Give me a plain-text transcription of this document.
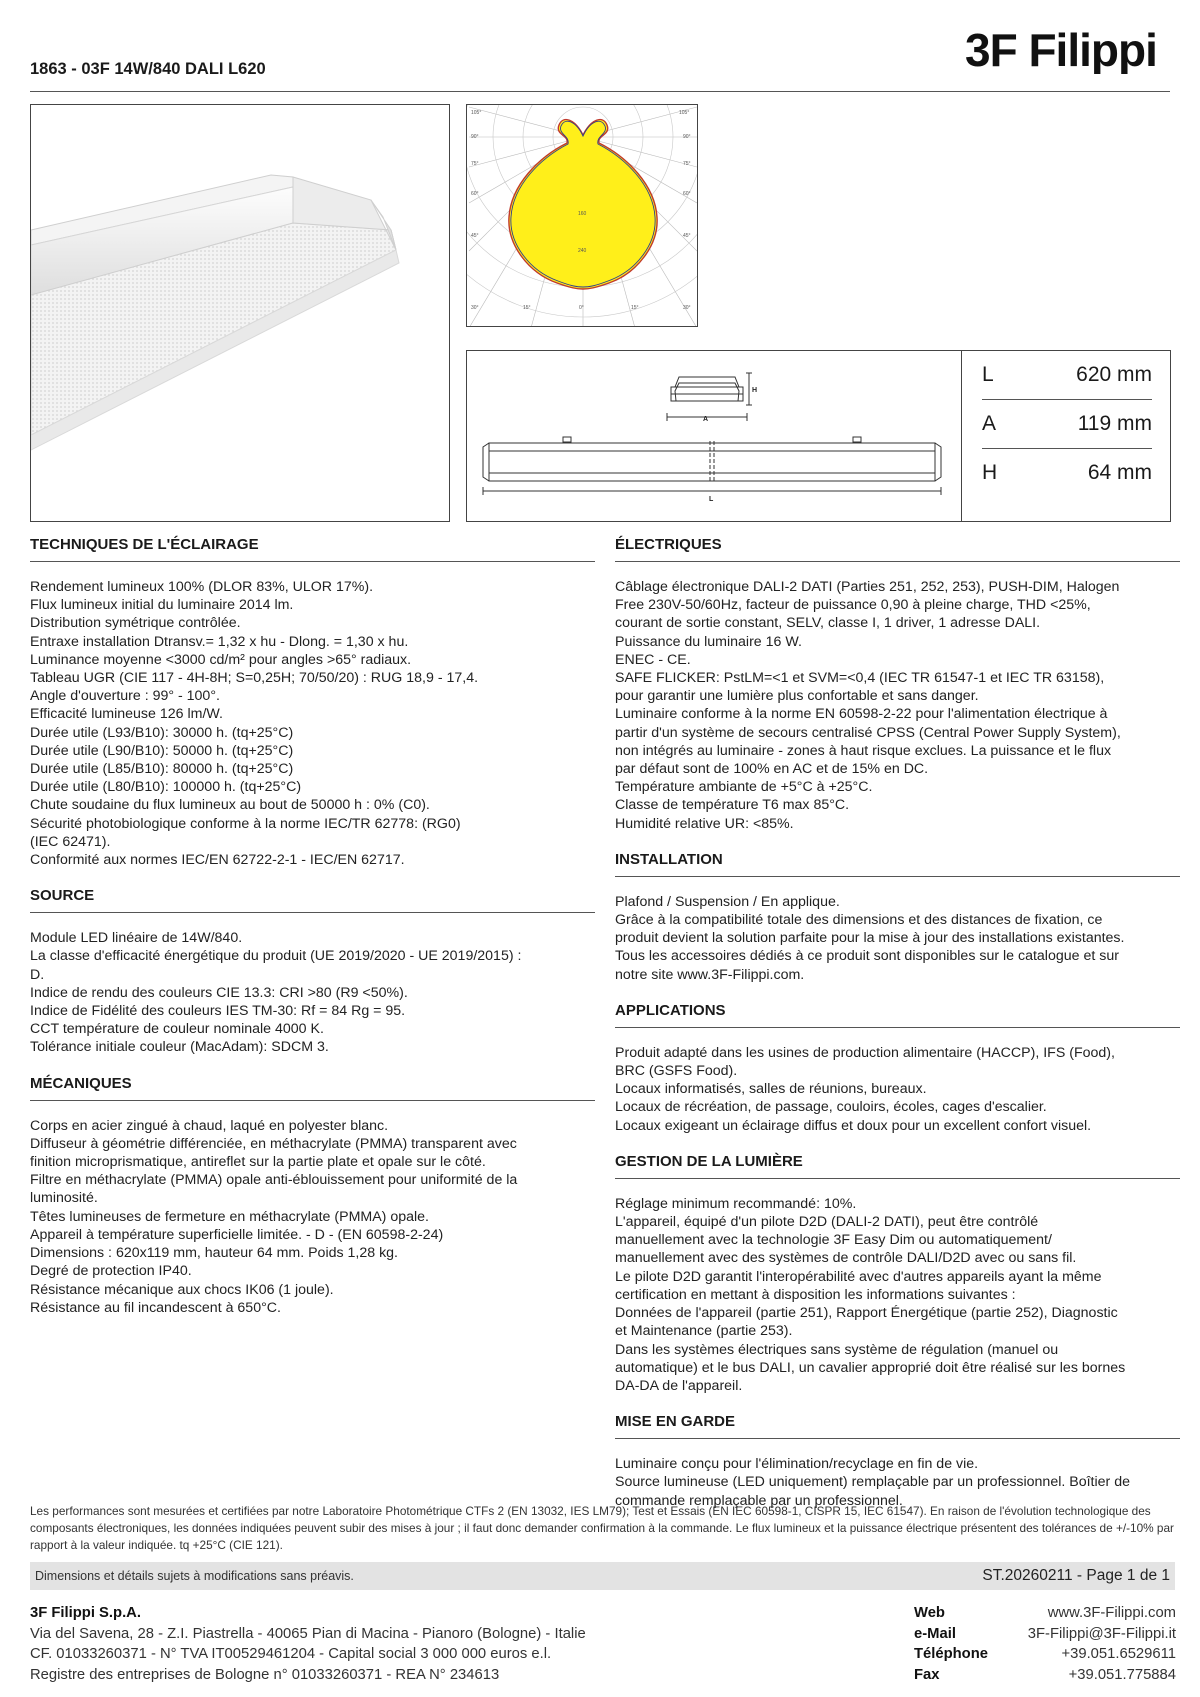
1863 - 03F 14W/840 DALI L620	3F Filippi
105°	105°
90°	90°
75°	75°
60°	60°
45°	45°
30°	15°	0°	15°	30°
160
240
H
A
L
L	620 mm
A	119 mm
H	64 mm
TECHNIQUES DE L'ÉCLAIRAGE
Rendement lumineux 100% (DLOR 83%, ULOR 17%).
Flux lumineux initial du luminaire 2014 lm.
Distribution symétrique contrôlée.
Entraxe installation Dtransv.= 1,32 x hu - Dlong. = 1,30 x hu.
Luminance moyenne <3000 cd/m² pour angles >65° radiaux.
Tableau UGR (CIE 117 - 4H-8H; S=0,25H; 70/50/20) : RUG 18,9 - 17,4.
Angle d'ouverture : 99° - 100°.
Efficacité lumineuse 126 lm/W.
Durée utile (L93/B10): 30000 h. (tq+25°C)
Durée utile (L90/B10): 50000 h. (tq+25°C)
Durée utile (L85/B10): 80000 h. (tq+25°C)
Durée utile (L80/B10): 100000 h. (tq+25°C)
Chute soudaine du flux lumineux au bout de 50000 h : 0% (C0).
Sécurité photobiologique conforme à la norme IEC/TR 62778: (RG0)
(IEC 62471).
Conformité aux normes IEC/EN 62722-2-1 - IEC/EN 62717.
SOURCE
Module LED linéaire de 14W/840.
La classe d'efficacité énergétique du produit (UE 2019/2020 - UE 2019/2015) :
D.
Indice de rendu des couleurs CIE 13.3: CRI >80 (R9 <50%).
Indice de Fidélité des couleurs IES TM-30: Rf = 84 Rg = 95.
CCT température de couleur nominale 4000 K.
Tolérance initiale couleur (MacAdam): SDCM 3.
MÉCANIQUES
Corps en acier zingué à chaud, laqué en polyester blanc.
Diffuseur à géométrie différenciée, en méthacrylate (PMMA) transparent avec
finition microprismatique, antireflet sur la partie plate et opale sur le côté.
Filtre en méthacrylate (PMMA) opale anti-éblouissement pour uniformité de la
luminosité.
Têtes lumineuses de fermeture en méthacrylate (PMMA) opale.
Appareil à température superficielle limitée. - D - (EN 60598-2-24)
Dimensions : 620x119 mm, hauteur 64 mm. Poids 1,28 kg.
Degré de protection IP40.
Résistance mécanique aux chocs IK06 (1 joule).
Résistance au fil incandescent à 650°C.
ÉLECTRIQUES
Câblage électronique DALI-2 DATI (Parties 251, 252, 253), PUSH-DIM, Halogen
Free 230V-50/60Hz, facteur de puissance 0,90 à pleine charge, THD <25%,
courant de sortie constant, SELV, classe I, 1 driver, 1 adresse DALI.
Puissance du luminaire 16 W.
ENEC - CE.
SAFE FLICKER: PstLM=<1 et SVM=<0,4 (IEC TR 61547-1 et IEC TR 63158),
pour garantir une lumière plus confortable et sans danger.
Luminaire conforme à la norme EN 60598-2-22 pour l'alimentation électrique à
partir d'un système de secours centralisé CPSS (Central Power Supply System),
non intégrés au luminaire - zones à haut risque exclues. La puissance et le flux
par défaut sont de 100% en AC et de 15% en DC.
Température ambiante de +5°C à +25°C.
Classe de température T6 max 85°C.
Humidité relative UR: <85%.
INSTALLATION
Plafond / Suspension / En applique.
Grâce à la compatibilité totale des dimensions et des distances de fixation, ce
produit devient la solution parfaite pour la mise à jour des installations existantes.
Tous les accessoires dédiés à ce produit sont disponibles sur le catalogue et sur
notre site www.3F-Filippi.com.
APPLICATIONS
Produit adapté dans les usines de production alimentaire (HACCP), IFS (Food),
BRC (GSFS Food).
Locaux informatisés, salles de réunions, bureaux.
Locaux de récréation, de passage, couloirs, écoles, cages d'escalier.
Locaux exigeant un éclairage diffus et doux pour un excellent confort visuel.
GESTION DE LA LUMIÈRE
Réglage minimum recommandé: 10%.
L'appareil, équipé d'un pilote D2D (DALI-2 DATI), peut être contrôlé
manuellement avec la technologie 3F Easy Dim ou automatiquement/
manuellement avec des systèmes de contrôle DALI/D2D avec ou sans fil.
Le pilote D2D garantit l'interopérabilité avec d'autres appareils ayant la même
certification en mettant à disposition les informations suivantes :
Données de l'appareil (partie 251), Rapport Énergétique (partie 252), Diagnostic
et Maintenance (partie 253).
Dans les systèmes électriques sans système de régulation (manuel ou
automatique) et le bus DALI, un cavalier approprié doit être réalisé sur les bornes
DA-DA de l'appareil.
MISE EN GARDE
Luminaire conçu pour l'élimination/recyclage en fin de vie.
Source lumineuse (LED uniquement) remplaçable par un professionnel. Boîtier de
commande remplaçable par un professionnel.
Les performances sont mesurées et certifiées par notre Laboratoire Photométrique CTFs 2 (EN 13032, IES LM79); Test et Essais (EN IEC 60598-1, CISPR 15, IEC 61547). En raison de l'évolution technologique des composants électroniques, les données indiquées peuvent subir des mises à jour ; il faut donc demander confirmation à la commande. Le flux lumineux et la puissance électrique présentent des tolérances de +/-10% par rapport à la valeur indiquée. tq +25°C (CIE 121).
Dimensions et détails sujets à modifications sans préavis.	ST.20260211 - Page 1 de 1
3F Filippi S.p.A.
Via del Savena, 28 - Z.I. Piastrella - 40065 Pian di Macina - Pianoro (Bologne) - Italie
CF. 01033260371 - N° TVA IT00529461204 - Capital social 3 000 000 euros e.l.
Registre des entreprises de Bologne n° 01033260371 - REA N° 234613
Web	www.3F-Filippi.com
e-Mail	3F-Filippi@3F-Filippi.it
Téléphone	+39.051.6529611
Fax	+39.051.775884
